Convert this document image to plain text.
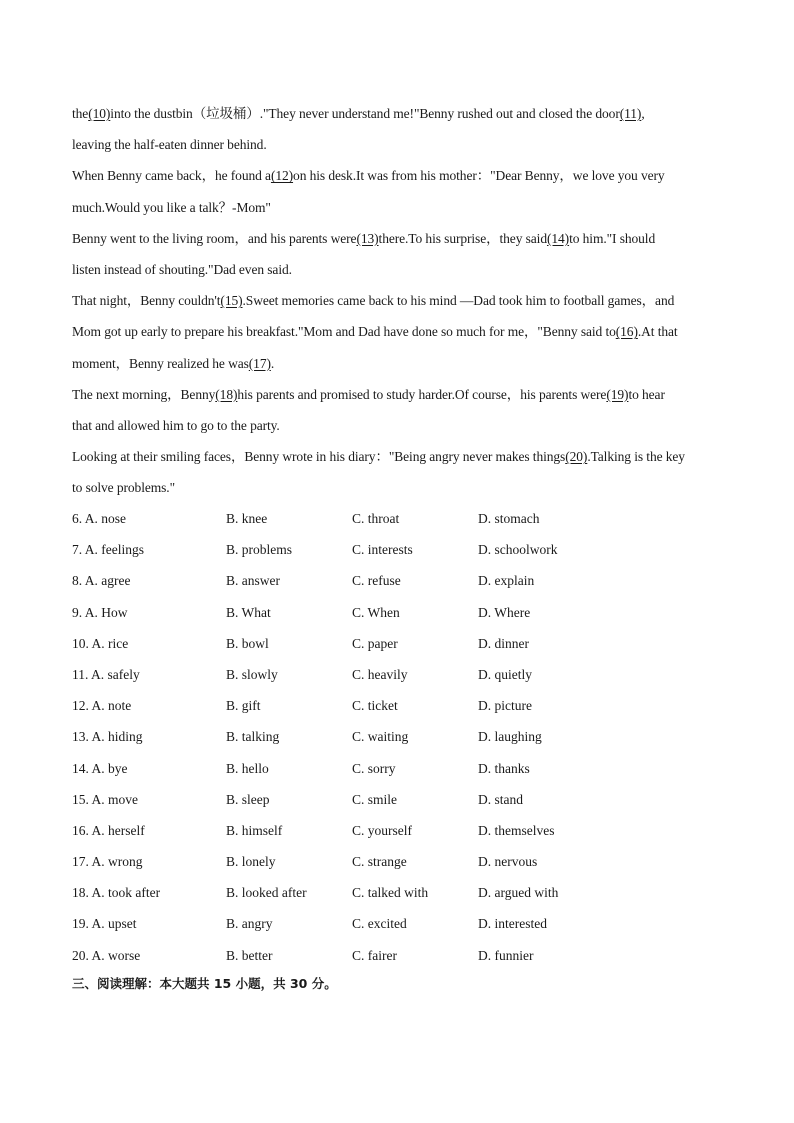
the(10)into the dustbin（垃圾桶）."They never understand me!"Benny rushed out and closed the door(11),
leaving the half-eaten dinner behind.
When Benny came back，he found a(12)on his desk.It was from his mother："Dear Benny，we love you very
much.Would you like a talk？-Mom"
Benny went to the living room，and his parents were(13)there.To his surprise，they said(14)to him."I should
listen instead of shouting."Dad even said.
That night，Benny couldn't(15).Sweet memories came back to his mind —Dad took him to football games，and
Mom got up early to prepare his breakfast."Mom and Dad have done so much for me，"Benny said to(16).At that
moment，Benny realized he was(17).
The next morning，Benny(18)his parents and promised to study harder.Of course，his parents were(19)to hear
that and allowed him to go to the party.
Looking at their smiling faces，Benny wrote in his diary："Being angry never makes things(20).Talking is the key
to solve problems."
6. A. nose	B. knee	C. throat	D. stomach
7. A. feelings	B. problems	C. interests	D. schoolwork
8. A. agree	B. answer	C. refuse	D. explain
9. A. How	B. What	C. When	D. Where
10. A. rice	B. bowl	C. paper	D. dinner
11. A. safely	B. slowly	C. heavily	D. quietly
12. A. note	B. gift	C. ticket	D. picture
13. A. hiding	B. talking	C. waiting	D. laughing
14. A. bye	B. hello	C. sorry	D. thanks
15. A. move	B. sleep	C. smile	D. stand
16. A. herself	B. himself	C. yourself	D. themselves
17. A. wrong	B. lonely	C. strange	D. nervous
18. A. took after	B. looked after	C. talked with	D. argued with
19. A. upset	B. angry	C. excited	D. interested
20. A. worse	B. better	C. fairer	D. funnier
三、阅读理解：本大题共 15 小题，共 30 分。
